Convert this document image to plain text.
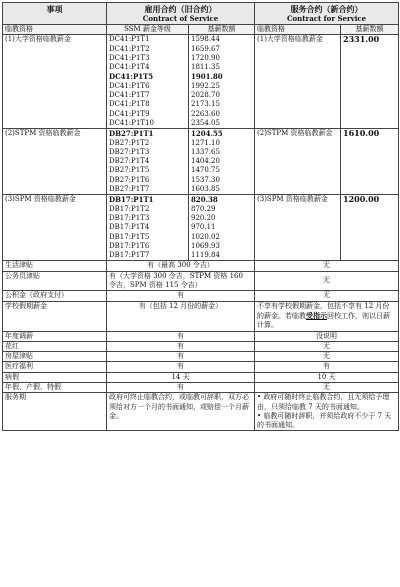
事项	雇用合约（旧合约）
Contract of Service		服务合约（新合约）
Contract for Service	

临教资格	SSM 薪金等级	基薪数额	临教资格	基薪数额
(1)大学资格临教薪金	DC41:P1T1	1598.44	(1)大学资格临教薪金	2331.00
	DC41:P1T2	1659.67		
	DC41:P1T3	1720.90		
	DC41:P1T4	1811.35		
	DC41:P1T5	1901.80		
	DC41:P1T6	1992.25		
	DC41:P1T7	2028.70		
	DC41:P1T8	2173.15		
	DC41:P1T9	2263.60		
	DC41:P1T10	2354.05		
(2)STPM 资格临教薪金	DB27:P1T1	1204.55	(2)STPM 资格临教薪金	1610.00
	DB27:P1T2	1271.10		
	DB27:P1T3	1337.65		
	DB27:P1T4	1404.20		
	DB27:P1T5	1470.75		
	DB27:P1T6	1537.30		
	DB27:P1T7	1603.85		
(3)SPM 资格临教薪金	DB17:P1T1	820.38	(3)SPM 资格临教薪金	1200.00
	DB17:P1T2	870.29		
	DB17:P1T3	920.20		
	DB17:P1T4	970.11		
	DB17:P1T5	1020.02		
	DB17:P1T6	1069.93		
	DB17:P1T7	1119.84		
生活津贴	有（最高 300 令吉）		无	
公务员津贴	有（大学资格 300 令吉，STPM 资格 160 令吉，SPM 资格 115 令吉）		无	
公积金（政府支付）	有		无	
学校假期薪金	有（包括 12 月份的薪金）		不享有学校假期薪金，包括不享有 12 月份的薪金。若临教受指示回校工作，则以日薪计算。	
年度调薪	有		没说明	
花红	有		无	
房屋津贴	有		无	
医疗福利	有		有	
病假	14 天		10 天	
年假、产假、特假	有		无	
服务期	政府可终止临教合约，或临教可辞职，双方必须给对方一个月的书面通知，或赔偿一个月薪金。		• 政府可随时终止临教合约，且无须给予理由，只须给临教 7 天的书面通知。
• 临教可随时辞职，并须给政府不少于 7 天的书面通知。	
